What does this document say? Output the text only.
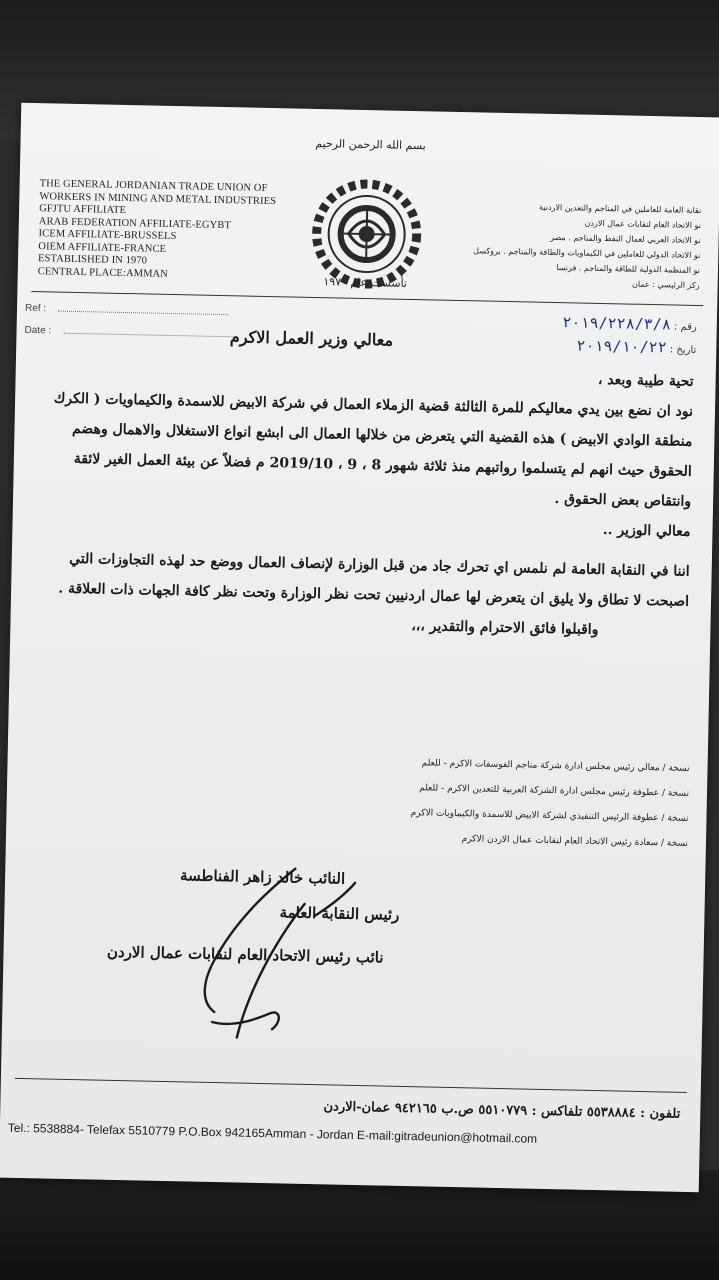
بسم الله الرحمن الرحيم
THE GENERAL JORDANIAN TRADE UNION OF
WORKERS IN MINING AND METAL INDUSTRIES
GFJTU AFFILIATE
ARAB FEDERATION AFFILIATE-EGYBT
ICEM AFFILIATE-BRUSSELS
OIEM AFFILIATE-FRANCE
ESTABLISHED IN 1970
CENTRAL PLACE:AMMAN
تأسست عام ١٩٧٠
نقابة العامة للعاملين في المناجم والتعدين الاردنية
نو الاتحاد العام لنقابات عمال الاردن
نو الاتحاد العربي لعمال النفط والمناجم . مصر
نو الاتحاد الدولي للعاملين في الكيماويات والطاقة والمناجم . بروكسل
نو المنظمة الدولية للطاقة والمناجم . فرنسا
ركز الرئيسي : عمان
Ref :
Date :	رقم : ٢٠١٩/٢٢٨/٣/٨
تاريخ : ٢٠١٩/١٠/٢٢
معالي وزير العمل الاكرم

تحية طيبة وبعد ،

نود ان نضع بين يدي معاليكم للمرة الثالثة قضية الزملاء العمال في شركة الابيض للاسمدة والكيماويات ( الكرك منطقة الوادي الابيض ) هذه القضية التي يتعرض من خلالها العمال الى ابشع انواع الاستغلال والاهمال وهضم الحقوق حيث انهم لم يتسلموا رواتبهم منذ ثلاثة شهور 8 ، 9 ، 2019/10 م فضلاً عن بيئة العمل الغير لائقة وانتقاص بعض الحقوق .

معالي الوزير ..

اننا في النقابة العامة لم نلمس اي تحرك جاد من قبل الوزارة لإنصاف العمال ووضع حد لهذه التجاوزات التي اصبحت لا تطاق ولا يليق ان يتعرض لها عمال اردنيين تحت نظر الوزارة وتحت نظر كافة الجهات ذات العلاقة .

واقبلوا فائق الاحترام والتقدير ،،،

نسخة / معالي رئيس مجلس ادارة شركة مناجم الفوسفات الاكرم - للعلم
نسخة / عطوفة رئيس مجلس ادارة الشركة العربية للتعدين الاكرم - للعلم
نسخة / عطوفة الرئيس التنفيذي لشركة الابيض للاسمدة والكيماويات الاكرم
نسخة / سعادة رئيس الاتحاد العام لنقابات عمال الاردن الاكرم
النائب خالد زاهر الفناطسة
رئيس النقابة العامة
نائب رئيس الاتحاد العام لنقابات عمال الاردن
تلفون : ٥٥٣٨٨٨٤ تلفاكس : ٥٥١٠٧٧٩ ص.ب ٩٤٢١٦٥ عمان-الاردن
Tel.: 5538884- Telefax 5510779 P.O.Box 942165Amman - Jordan E-mail:gitradeunion@hotmail.com
